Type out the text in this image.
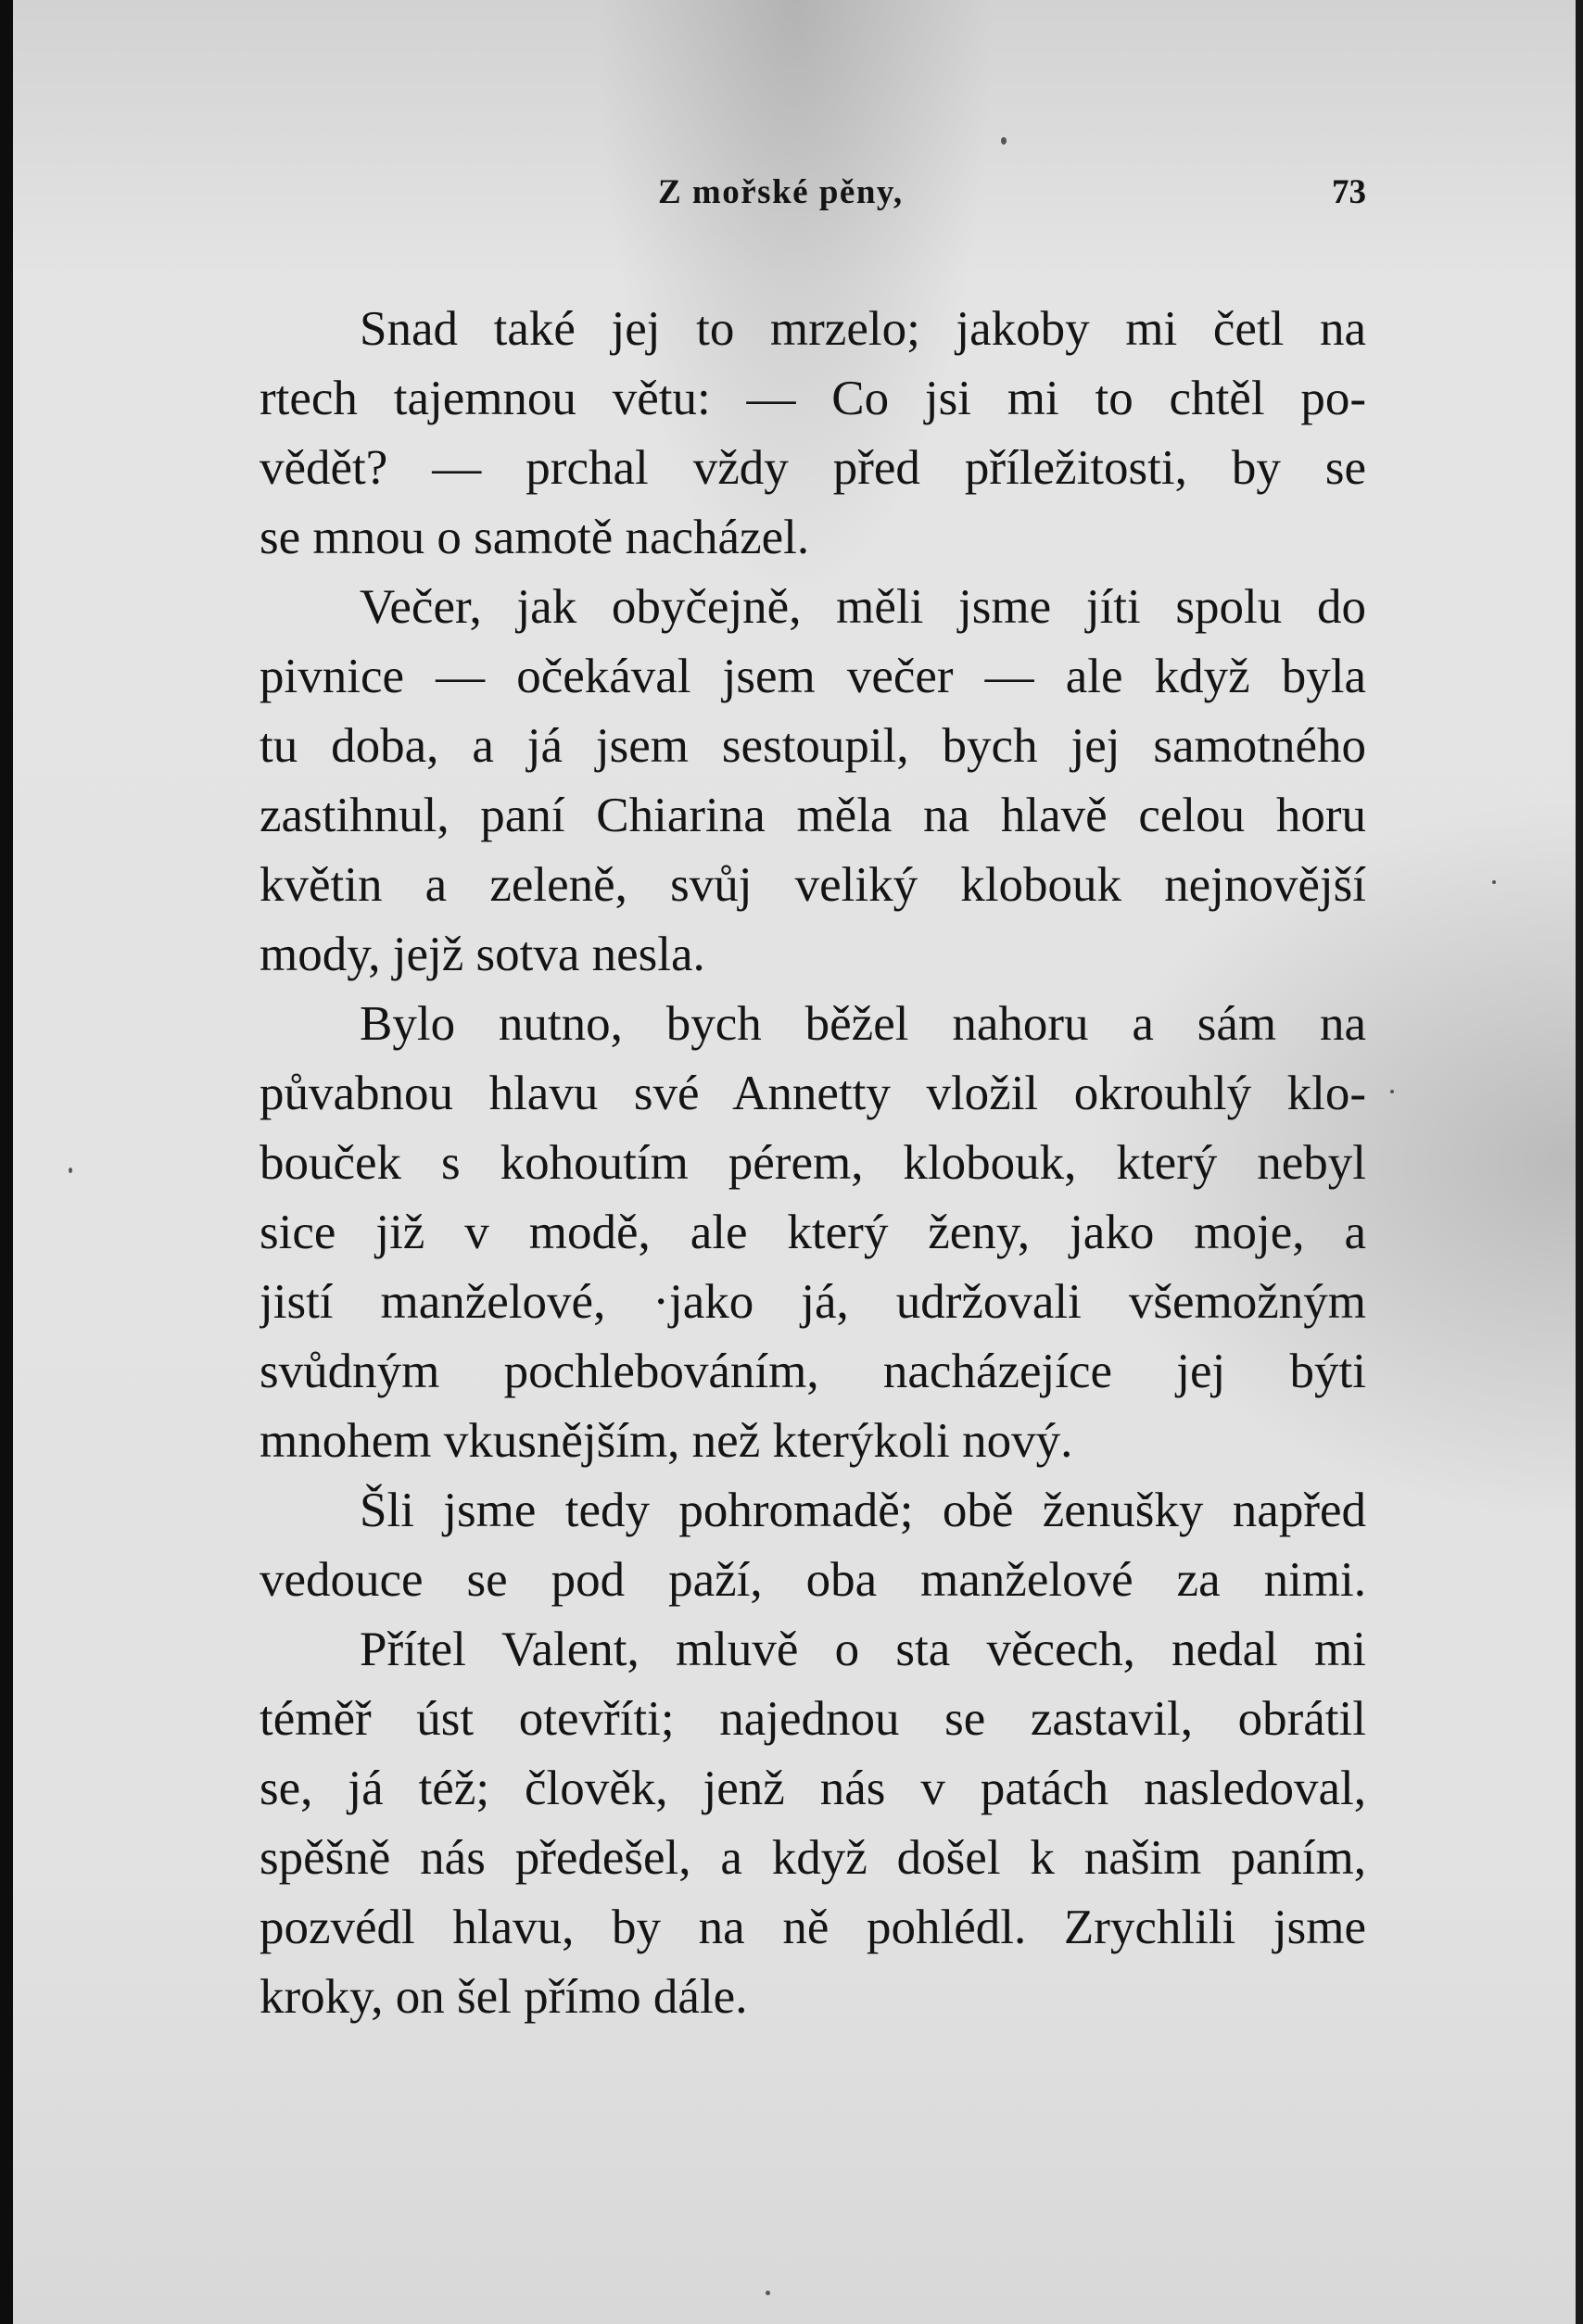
Z mořské pěny,	73
Snad také jej to mrzelo; jakoby mi četl na
rtech tajemnou větu: — Co jsi mi to chtěl po-
vědět? — prchal vždy před příležitosti, by se
se mnou o samotě nacházel.
Večer, jak obyčejně, měli jsme jíti spolu do
pivnice — očekával jsem večer — ale když byla
tu doba, a já jsem sestoupil, bych jej samotného
zastihnul, paní Chiarina měla na hlavě celou horu
květin a zeleně, svůj veliký klobouk nejnovější
mody, jejž sotva nesla.
Bylo nutno, bych běžel nahoru a sám na
půvabnou hlavu své Annetty vložil okrouhlý klo-
bouček s kohoutím pérem, klobouk, který nebyl
sice již v modě, ale který ženy, jako moje, a
jistí manželové, ·jako já, udržovali všemožným
svůdným pochlebováním, nacházejíce jej býti
mnohem vkusnějším, než kterýkoli nový.
Šli jsme tedy pohromadě; obě ženušky napřed
vedouce se pod paží, oba manželové za nimi.
Přítel Valent, mluvě o sta věcech, nedal mi
téměř úst otevříti; najednou se zastavil, obrátil
se, já též; člověk, jenž nás v patách nasledoval,
spěšně nás předešel, a když došel k našim paním,
pozvédl hlavu, by na ně pohlédl. Zrychlili jsme
kroky, on šel přímo dále.
